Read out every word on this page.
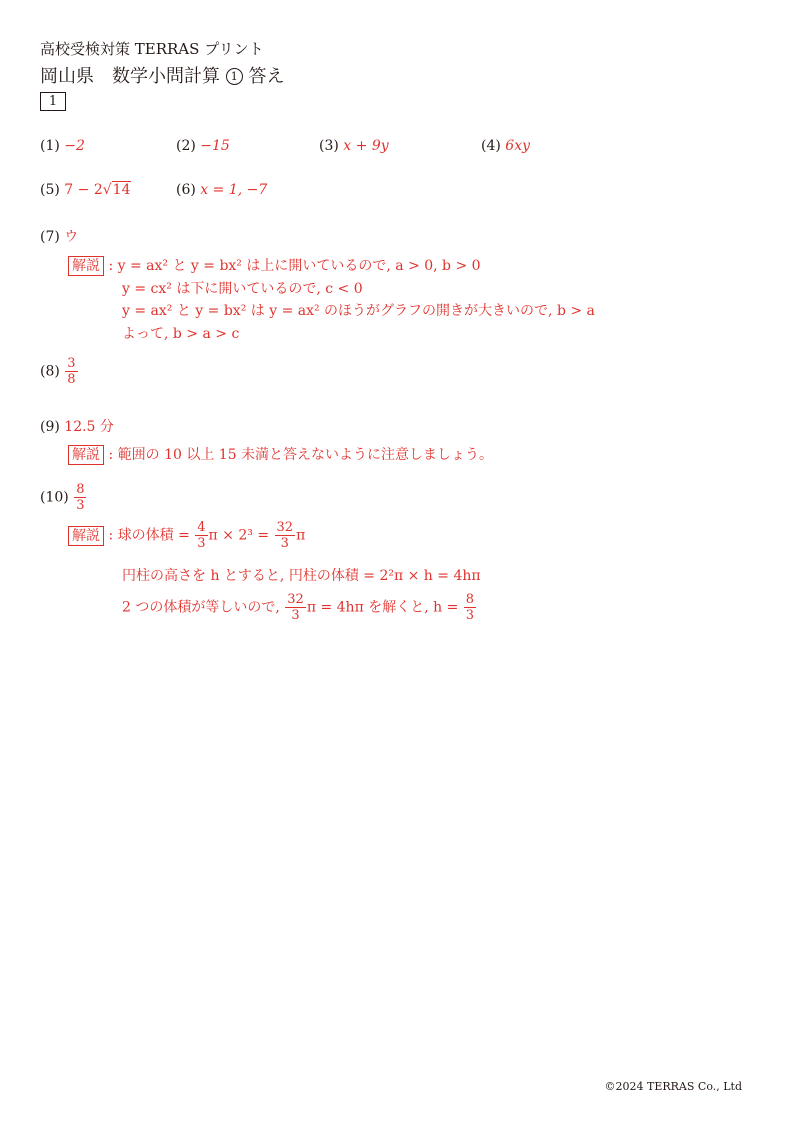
高校受検対策 TERRAS プリント
岡山県　数学小問計算 1 答え
1
(1) −2	(2) −15	(3) x + 9y	(4) 6xy
(5) 7 − 2√14	(6) x = 1, −7
(7) ウ
解説 : y = ax² と y = bx² は上に開いているので, a > 0, b > 0
y = cx² は下に開いているので, c < 0
y = ax² と y = bx² は y = ax² のほうがグラフの開きが大きいので, b > a
よって, b > a > c
$(8) \frac{3}{8}$
(9) 12.5 分
解説 : 範囲の 10 以上 15 未満と答えないように注意しましょう。
$(10) \frac{8}{3}$
解説 : 球の体積 = $\frac{4}{3}$ $\pi \times 2^3 = \frac{32}{3}$ π
円柱の高さを h とすると, 円柱の体積 = 2²π × h = 4hπ
2 つの体積が等しいので, $\frac{32}{3}$ π = 4hπ を解くと, $h = \frac{8}{3}$
©2024 TERRAS Co., Ltd
